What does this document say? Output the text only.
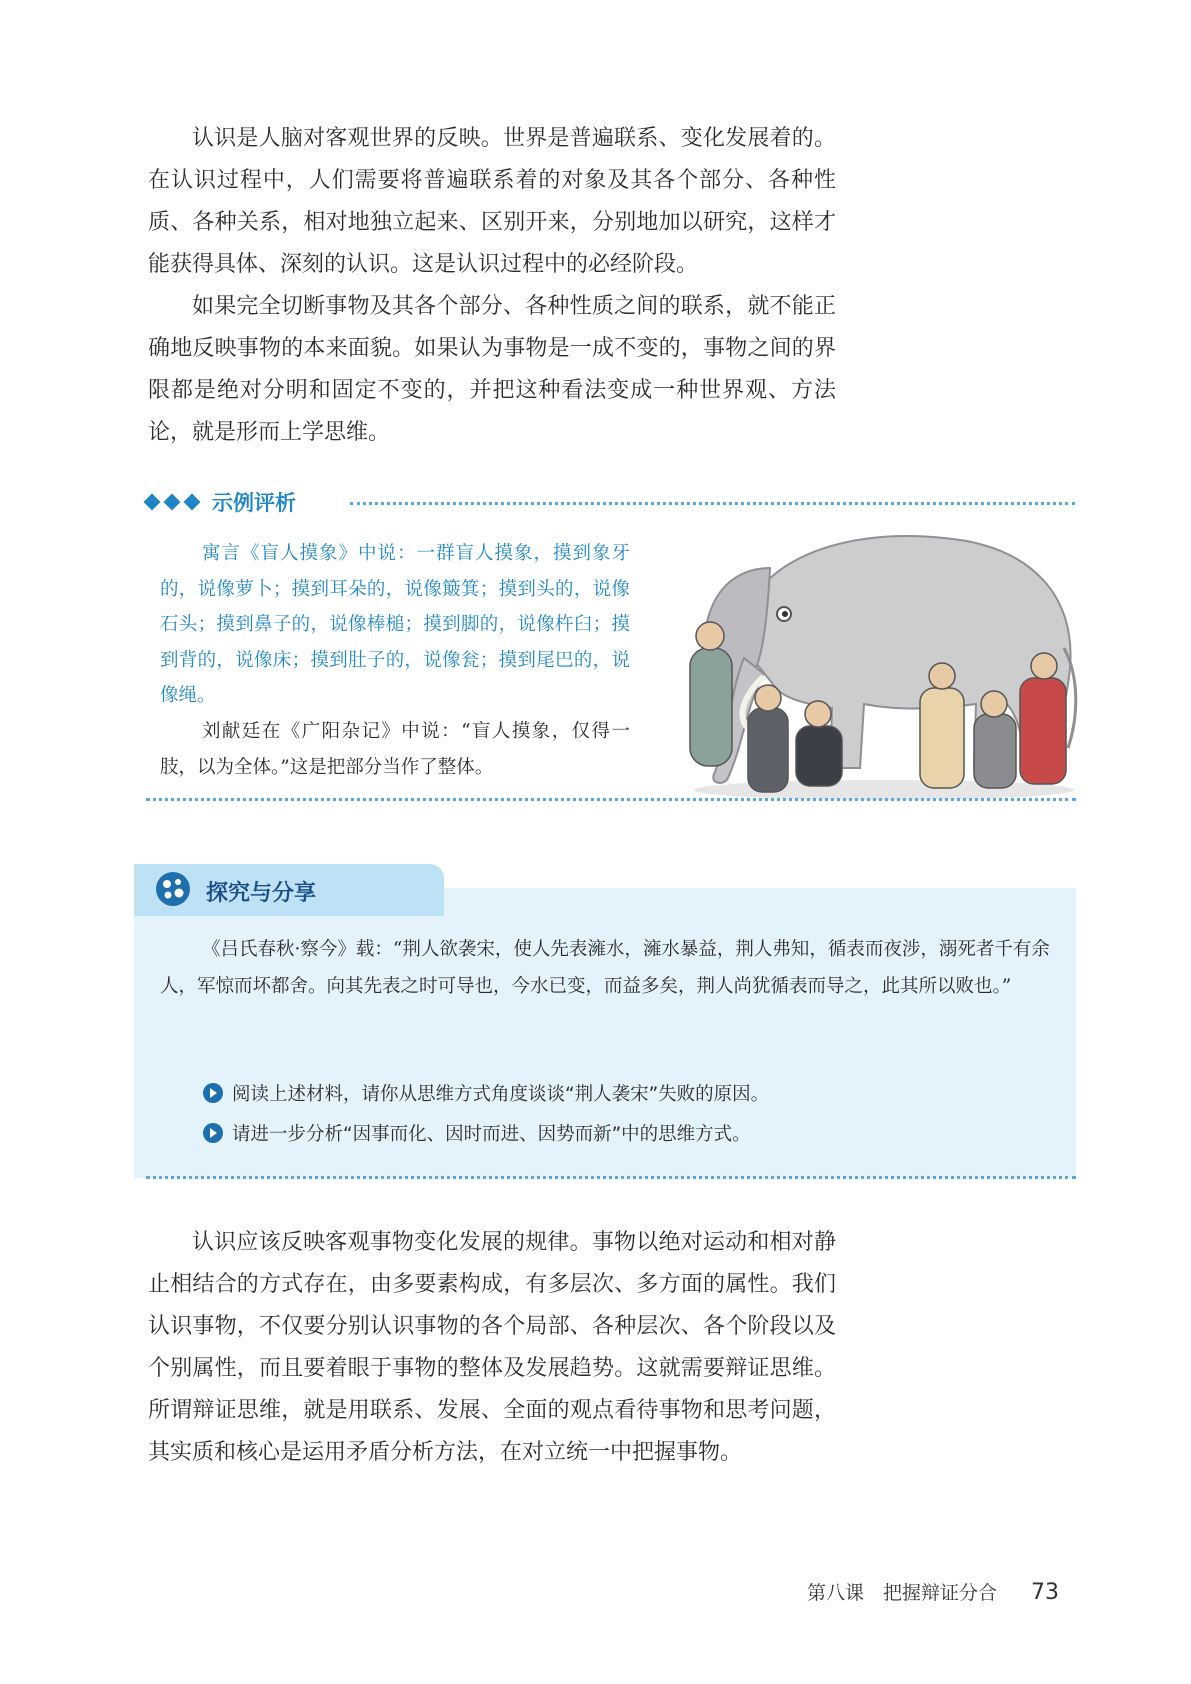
认识是人脑对客观世界的反映。世界是普遍联系、变化发展着的。在认识过程中，人们需要将普遍联系着的对象及其各个部分、各种性质、各种关系，相对地独立起来、区别开来，分别地加以研究，这样才能获得具体、深刻的认识。这是认识过程中的必经阶段。

如果完全切断事物及其各个部分、各种性质之间的联系，就不能正确地反映事物的本来面貌。如果认为事物是一成不变的，事物之间的界限都是绝对分明和固定不变的，并把这种看法变成一种世界观、方法论，就是形而上学思维。

示例评析

寓言《盲人摸象》中说：一群盲人摸象，摸到象牙的，说像萝卜；摸到耳朵的，说像簸箕；摸到头的，说像石头；摸到鼻子的，说像棒槌；摸到脚的，说像杵臼；摸到背的，说像床；摸到肚子的，说像瓮；摸到尾巴的，说像绳。

刘献廷在《广阳杂记》中说：“盲人摸象，仅得一肢，以为全体。”这是把部分当作了整体。

探究与分享

《吕氏春秋·察今》载：“荆人欲袭宋，使人先表澭水，澭水暴益，荆人弗知，循表而夜涉，溺死者千有余人，军惊而坏都舍。向其先表之时可导也，今水已变，而益多矣，荆人尚犹循表而导之，此其所以败也。”

阅读上述材料，请你从思维方式角度谈谈“荆人袭宋”失败的原因。
请进一步分析“因事而化、因时而进、因势而新”中的思维方式。

认识应该反映客观事物变化发展的规律。事物以绝对运动和相对静止相结合的方式存在，由多要素构成，有多层次、多方面的属性。我们认识事物，不仅要分别认识事物的各个局部、各种层次、各个阶段以及个别属性，而且要着眼于事物的整体及发展趋势。这就需要辩证思维。所谓辩证思维，就是用联系、发展、全面的观点看待事物和思考问题，其实质和核心是运用矛盾分析方法，在对立统一中把握事物。

第八课　把握辩证分合 73
